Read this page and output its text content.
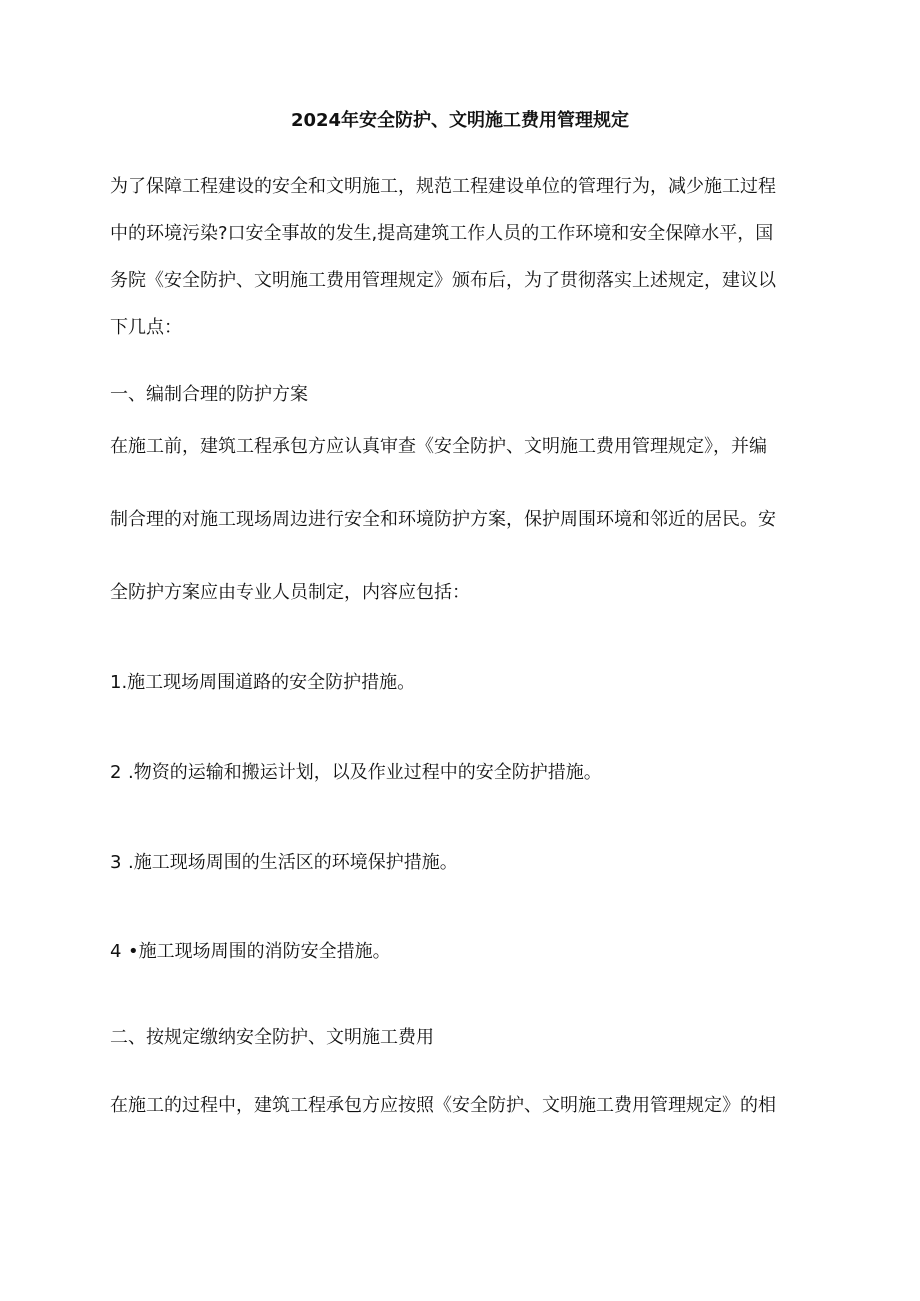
2024年安全防护、文明施工费用管理规定
为了保障工程建设的安全和文明施工，规范工程建设单位的管理行为，减少施工过程
中的环境污染?口安全事故的发生,提高建筑工作人员的工作环境和安全保障水平，国
务院《安全防护、文明施工费用管理规定》颁布后，为了贯彻落实上述规定，建议以
下几点：
一、编制合理的防护方案
在施工前，建筑工程承包方应认真审查《安全防护、文明施工费用管理规定》，并编
制合理的对施工现场周边进行安全和环境防护方案，保护周围环境和邻近的居民。安
全防护方案应由专业人员制定，内容应包括：
1.施工现场周围道路的安全防护措施。
2 .物资的运输和搬运计划，以及作业过程中的安全防护措施。
3 .施工现场周围的生活区的环境保护措施。
4 •施工现场周围的消防安全措施。
二、按规定缴纳安全防护、文明施工费用
在施工的过程中，建筑工程承包方应按照《安全防护、文明施工费用管理规定》的相
